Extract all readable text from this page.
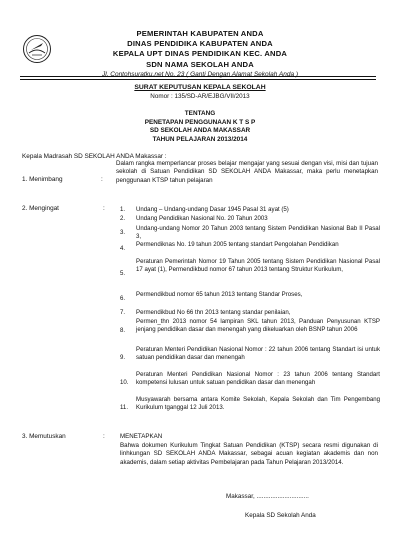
PEMERINTAH KABUPATEN ANDA
DINAS PENDIDIKA KABUPATEN ANDA
KEPALA UPT DINAS PENDIDIKAN KEC. ANDA
SDN NAMA SEKOLAH ANDA
Jl. Contohsuratku.net No. 23 ( Ganti Dengan Alamat Sekolah Anda )
SURAT KEPUTUSAN KEPALA SEKOLAH
Nomor : 135/SD-AR/EJBG/VII/2013
TENTANG
PENETAPAN PENGGUNAAN K T S P
SD SEKOLAH ANDA MAKASSAR
TAHUN PELAJARAN 2013/2014
Kepala Madrasah SD SEKOLAH ANDA Makassar :
1. Menimbang	:
Dalam rangka memperlancar proses belajar mengajar yang sesuai dengan visi, misi dan tujuan sekolah di Satuan Pendidikan SD SEKOLAH ANDA Makassar, maka perlu menetapkan penggunaan KTSP tahun pelajaran
2. Mengingat	: 1.	Undang – Undang-undang Dasar 1945 Pasal 31 ayat (5)
2.	Undang Pendidikan Nasional No. 20 Tahun 2003
3.
Undang-undang Nomor 20 Tahun 2003 tentang Sistem Pendidikan Nasional Bab II Pasal 3,
4.
Permendiknas No. 19 tahun 2005 tentang standart Pengolahan Pendidikan
5.
Peraturan Pemerintah Nomor 19 Tahun 2005 tentang Sistem Pendidikan Nasional Pasal 17 ayat (1), Permendikbud nomor 67 tahun 2013 tentang Struktur Kurikulum,
6.
Permendikbud nomor 65 tahun 2013 tentang Standar Proses,
7.	Permendikbud No 66 thn 2013 tentang standar penilaian,
8.
Permen_thn 2013 nomor 54 lampiran SKL tahun 2013, Panduan Penyusunan KTSP jenjang pendidikan dasar dan menengah yang dikeluarkan oleh BSNP tahun 2006
9.
Peraturan Menteri Pendidikan Nasional Nomor : 22 tahun 2006 tentang Standart isi untuk satuan pendidikan dasar dan menengah
10.
Peraturan Menteri Pendidikan Nasional Nomor : 23 tahun 2006 tentang Standart kompetensi lulusan untuk satuan pendidikan dasar dan menengah
11.
Musyawarah bersama antara Komite Sekolah, Kepala Sekolah dan Tim Pengembang Kurikulum tganggal 12 Juli 2013.
3. Memutuskan	: MENETAPKAN
Bahwa dokumen Kurikulum Tingkat Satuan Pendidikan (KTSP) secara resmi digunakan di linhkungan SD SEKOLAH ANDA Makassar, sebagai acuan kegiatan akademis dan non akademis, dalam setiap aktivitas Pembelajaran pada Tahun Pelajaran 2013/2014.
Makassar, ..............................
Kepala SD Sekolah Anda
